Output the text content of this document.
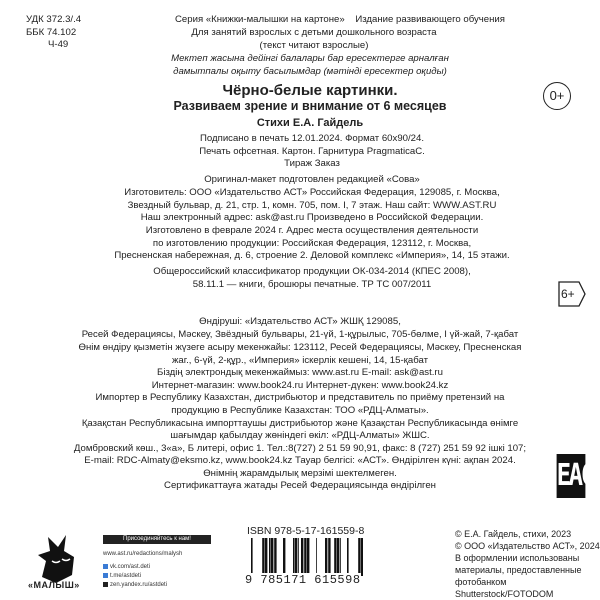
УДК 372.3/.4
ББК 74.102
Ч-49
Серия «Книжки-малышки на картоне» Издание развивающего обучения
Для занятий взрослых с детьми дошкольного возраста
(текст читают взрослые)
Мектеп жасына дейінгі балалары бар ересектерге арналған
дамытпалы оқыту басылымдар (мәтінді ересектер оқиды)
Чёрно-белые картинки.
Развиваем зрение и внимание от 6 месяцев
Стихи Е.А. Гайдель
0+
Подписано в печать 12.01.2024. Формат 60x90/24.
Печать офсетная. Картон. Гарнитура PragmaticaC.
Тираж Заказ
Оригинал-макет подготовлен редакцией «Сова»
Изготовитель: ООО «Издательство АСТ» Российская Федерация, 129085, г. Москва,
Звездный бульвар, д. 21, стр. 1, комн. 705, пом. I, 7 этаж. Наш сайт: WWW.AST.RU
Наш электронный адрес: ask@ast.ru Произведено в Российской Федерации.
Изготовлено в феврале 2024 г. Адрес места осуществления деятельности
по изготовлению продукции: Российская Федерация, 123112, г. Москва,
Пресненская набережная, д. 6, строение 2. Деловой комплекс «Империя», 14, 15 этажи.
Общероссийский классификатор продукции ОК-034-2014 (КПЕС 2008),
58.11.1 — книги, брошюры печатные. ТР ТС 007/2011
Өндіруші: «Издательство АСТ» ЖШҚ 129085,
Ресей Федерациясы, Мәскеу, Звёздный бульвары, 21-үй, 1-құрылыс, 705-бөлме, I үй-жай, 7-қабат
Өнім өндіру қызметін жүзеге асыру мекенжайы: 123112, Ресей Федерациясы, Мәскеу, Пресненская
жаг., 6-үй, 2-құр., «Империя» іскерлік кешені, 14, 15-қабат
Біздің электрондық мекенжаймыз: www.ast.ru E-mail: ask@ast.ru
Интернет-магазин: www.book24.ru Интернет-дүкен: www.book24.kz
Импортер в Республику Казахстан, дистрибьютор и представитель по приёму претензий на
продукцию в Республике Казахстан: ТОО «РДЦ-Алматы».
Қазақстан Республикасына импорттаушы дистрибьютор және Қазақстан Республикасында өнімге
шағымдар қабылдау жөніндегі өкіл: «РДЦ-Алматы» ЖШС.
Домбровский көш., 3«а», Б литері, офис 1. Тел.:8(727) 2 51 59 90,91, факс: 8 (727) 251 59 92 ішкі 107;
E-mail: RDC-Almaty@eksmo.kz, www.book24.kz Тауар белгісі: «АСТ». Өндірілген күні: ақпан 2024.
Өнімнің жарамдылық мерзімі шектелмеген.
Сертификаттауға жатады Ресей Федерациясында өндірілген
6+
EAC
«МАЛЫШ»
Присоединяйтесь к нам!
www.ast.ru/redactions/malysh
vk.com/ast.deti
t.me/astdeti
zen.yandex.ru/astdeti
ISBN 978-5-17-161559-8
9 785171 615598
© Е.А. Гайдель, стихи, 2023
© ООО «Издательство АСТ», 2024
В оформлении использованы
материалы, предоставленные
фотобанком Shutterstock/FOTODOM
